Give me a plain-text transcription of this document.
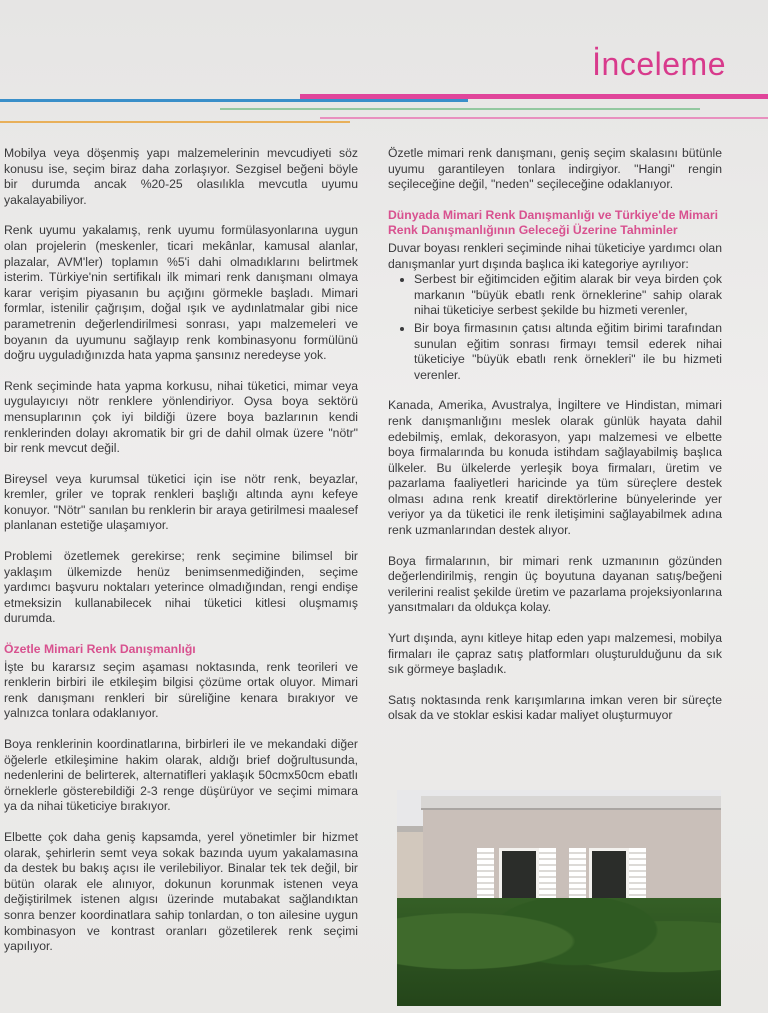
İnceleme

Mobilya veya döşenmiş yapı malzemelerinin mevcudiyeti söz konusu ise, seçim biraz daha zorlaşıyor. Sezgisel beğeni böyle bir durumda ancak %20-25 olasılıkla mevcutla uyumu yakalayabiliyor.

Renk uyumu yakalamış, renk uyumu formülasyonlarına uygun olan projelerin (meskenler, ticari mekânlar, kamusal alanlar, plazalar, AVM'ler) toplamın %5'i dahi olmadıklarını belirtmek isterim. Türkiye'nin sertifikalı ilk mimari renk danışmanı olmaya karar verişim piyasanın bu açığını görmekle başladı. Mimari formlar, istenilir çağrışım, doğal ışık ve aydınlatmalar gibi nice parametrenin değerlendirilmesi sonrası, yapı malzemeleri ve boyanın da uyumunu sağlayıp renk kombinasyonu formülünü doğru uyguladığınızda hata yapma şansınız neredeyse yok.

Renk seçiminde hata yapma korkusu, nihai tüketici, mimar veya uygulayıcıyı nötr renklere yönlendiriyor. Oysa boya sektörü mensuplarının çok iyi bildiği üzere boya bazlarının kendi renklerinden dolayı akromatik bir gri de dahil olmak üzere "nötr" bir renk mevcut değil.

Bireysel veya kurumsal tüketici için ise nötr renk, beyazlar, kremler, griler ve toprak renkleri başlığı altında aynı kefeye konuyor. "Nötr" sanılan bu renklerin bir araya getirilmesi maalesef planlanan estetiğe ulaşamıyor.

Problemi özetlemek gerekirse; renk seçimine bilimsel bir yaklaşım ülkemizde henüz benimsenmediğinden, seçime yardımcı başvuru noktaları yeterince olmadığından, rengi endişe etmeksizin kullanabilecek nihai tüketici kitlesi oluşmamış durumda.

Özetle Mimari Renk Danışmanlığı

İşte bu kararsız seçim aşaması noktasında, renk teorileri ve renklerin birbiri ile etkileşim bilgisi çözüme ortak oluyor. Mimari renk danışmanı renkleri bir süreliğine kenara bırakıyor ve yalnızca tonlara odaklanıyor.

Boya renklerinin koordinatlarına, birbirleri ile ve mekandaki diğer öğelerle etkileşimine hakim olarak, aldığı brief doğrultusunda, nedenlerini de belirterek, alternatifleri yaklaşık 50cmx50cm ebatlı örneklerle gösterebildiği 2-3 renge düşürüyor ve seçimi mimara ya da nihai tüketiciye bırakıyor.

Elbette çok daha geniş kapsamda, yerel yönetimler bir hizmet olarak, şehirlerin semt veya sokak bazında uyum yakalamasına da destek bu bakış açısı ile verilebiliyor. Binalar tek tek değil, bir bütün olarak ele alınıyor, dokunun korunmak istenen veya değiştirilmek istenen algısı üzerinde mutabakat sağlandıktan sonra benzer koordinatlara sahip tonlardan, o ton ailesine uygun kombinasyon ve kontrast oranları gözetilerek renk seçimi yapılıyor.

Özetle mimari renk danışmanı, geniş seçim skalasını bütünle uyumu garantileyen tonlara indirgiyor. "Hangi" rengin seçileceğine değil, "neden" seçileceğine odaklanıyor.

Dünyada Mimari Renk Danışmanlığı ve Türkiye'de Mimari Renk Danışmanlığının Geleceği Üzerine Tahminler

Duvar boyası renkleri seçiminde nihai tüketiciye yardımcı olan danışmanlar yurt dışında başlıca iki kategoriye ayrılıyor:

• Serbest bir eğitimciden eğitim alarak bir veya birden çok markanın "büyük ebatlı renk örneklerine" sahip olarak nihai tüketiciye serbest şekilde bu hizmeti verenler,
• Bir boya firmasının çatısı altında eğitim birimi tarafından sunulan eğitim sonrası firmayı temsil ederek nihai tüketiciye "büyük ebatlı renk örnekleri" ile bu hizmeti verenler.

Kanada, Amerika, Avustralya, İngiltere ve Hindistan, mimari renk danışmanlığını meslek olarak günlük hayata dahil edebilmiş, emlak, dekorasyon, yapı malzemesi ve elbette boya firmalarında bu konuda istihdam sağlayabilmiş başlıca ülkeler. Bu ülkelerde yerleşik boya firmaları, üretim ve pazarlama faaliyetleri haricinde ya tüm süreçlere destek olması adına renk kreatif direktörlerine bünyelerinde yer veriyor ya da tüketici ile renk iletişimini sağlayabilmek adına renk uzmanlarından destek alıyor.

Boya firmalarının, bir mimari renk uzmanının gözünden değerlendirilmiş, rengin üç boyutuna dayanan satış/beğeni verilerini realist şekilde üretim ve pazarlama projeksiyonlarına yansıtmaları da oldukça kolay.

Yurt dışında, aynı kitleye hitap eden yapı malzemesi, mobilya firmaları ile çapraz satış platformları oluşturulduğunu da sık sık görmeye başladık.

Satış noktasında renk karışımlarına imkan veren bir süreçte olsak da ve stoklar eskisi kadar maliyet oluşturmuyor
